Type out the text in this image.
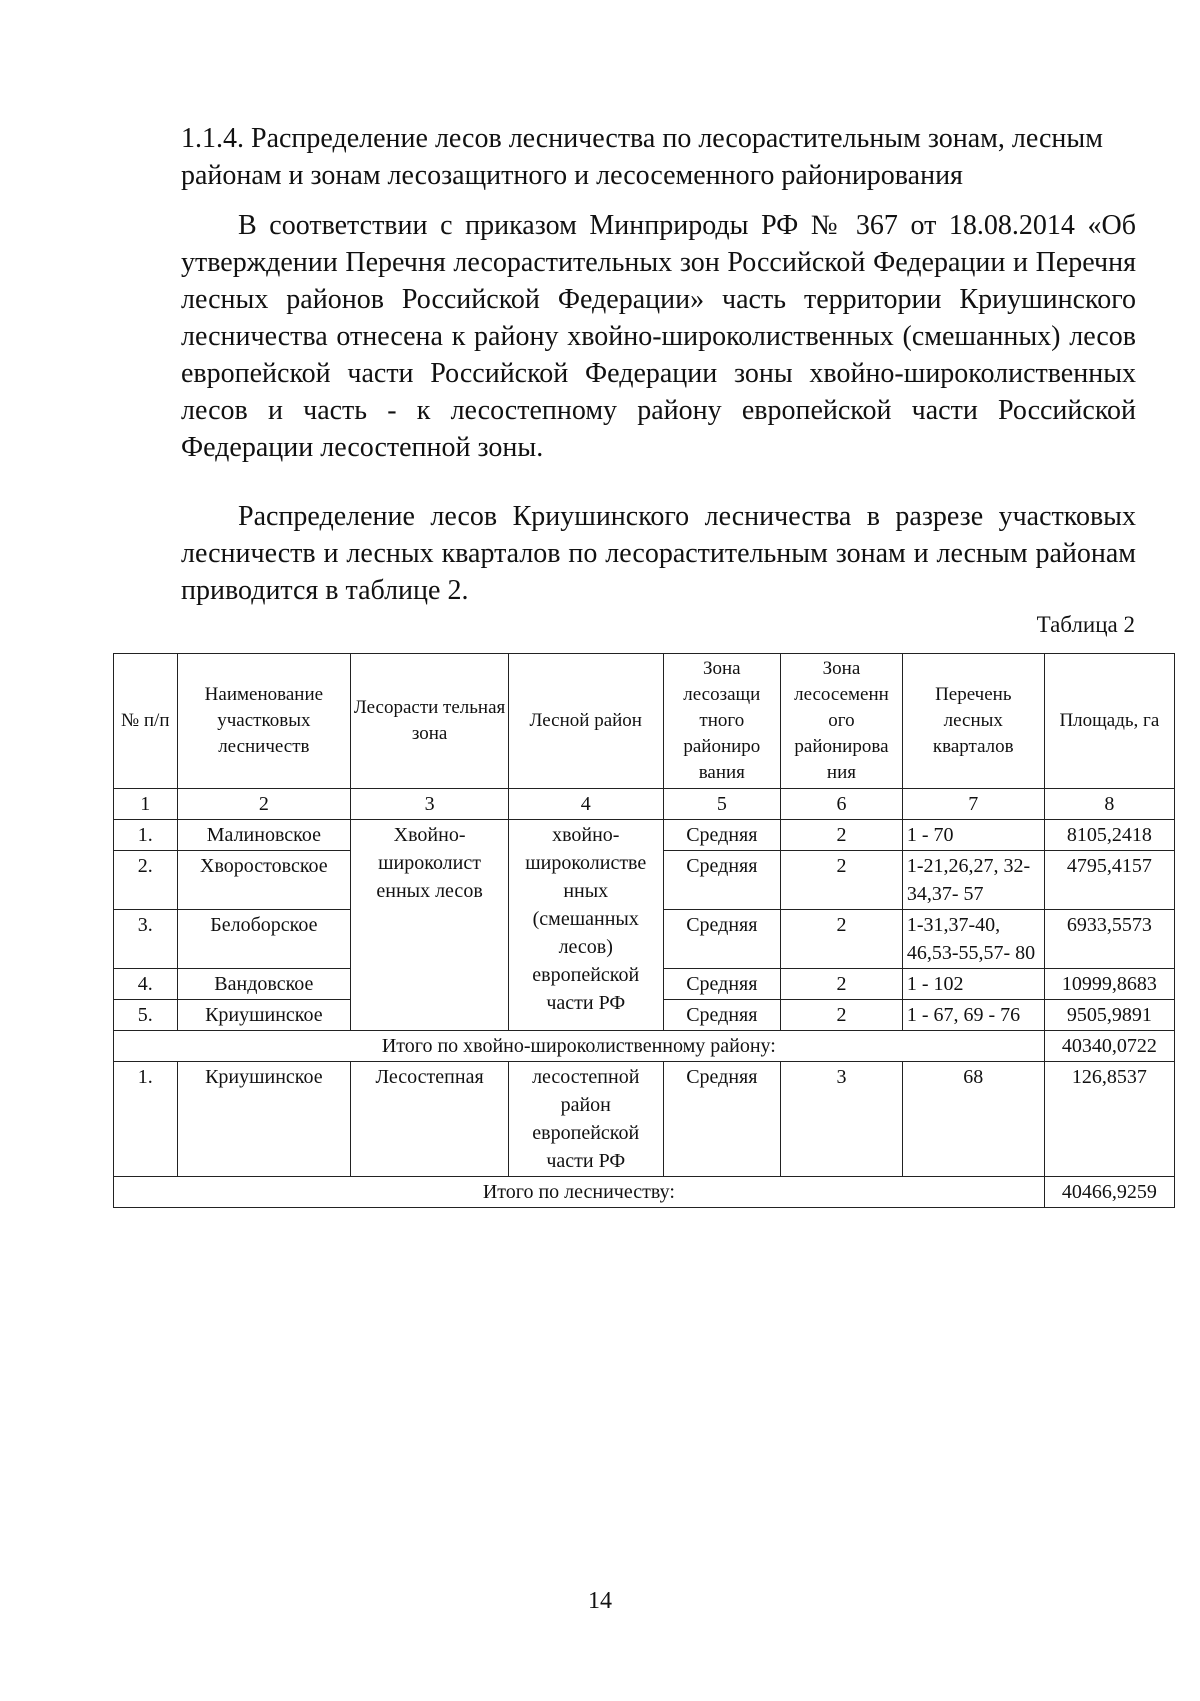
1.1.4. Распределение лесов лесничества по лесорастительным зонам, лесным районам и зонам лесозащитного и лесосеменного районирования
В соответствии с приказом Минприроды РФ № 367 от 18.08.2014 «Об утверждении Перечня лесорастительных зон Российской Федерации и Перечня лесных районов Российской Федерации» часть территории Криушинского лесничества отнесена к району хвойно-широколиственных (смешанных) лесов европейской части Российской Федерации зоны хвойно-широколиственных лесов и часть - к лесостепному району европейской части Российской Федерации лесостепной зоны.
Распределение лесов Криушинского лесничества в разрезе участковых лесничеств и лесных кварталов по лесорастительным зонам и лесным районам приводится в таблице 2.
Таблица 2
№ п/п	Наименование участковых лесничеств	Лесорасти тельная зона	Лесной район	Зона лесозащи тного райониро вания	Зона лесосеменн ого районирова ния	Перечень лесных кварталов	Площадь, га
1	2	3	4	5	6	7	8
1.	Малиновское	Хвойно- широколист енных лесов	хвойно- широколистве нных (смешанных лесов) европейской части РФ	Средняя	2	1 - 70	8105,2418
2.	Хворостовское			Средняя	2	1-21,26,27, 32-34,37- 57	4795,4157
3.	Белоборское			Средняя	2	1-31,37-40, 46,53-55,57- 80	6933,5573
4.	Вандовское			Средняя	2	1 - 102	10999,8683
5.	Криушинское			Средняя	2	1 - 67, 69 - 76	9505,9891
Итого по хвойно-широколиственному району:							40340,0722
1.	Криушинское	Лесостепная	лесостепной район европейской части РФ	Средняя	3	68	126,8537
Итого по лесничеству:							40466,9259
14
